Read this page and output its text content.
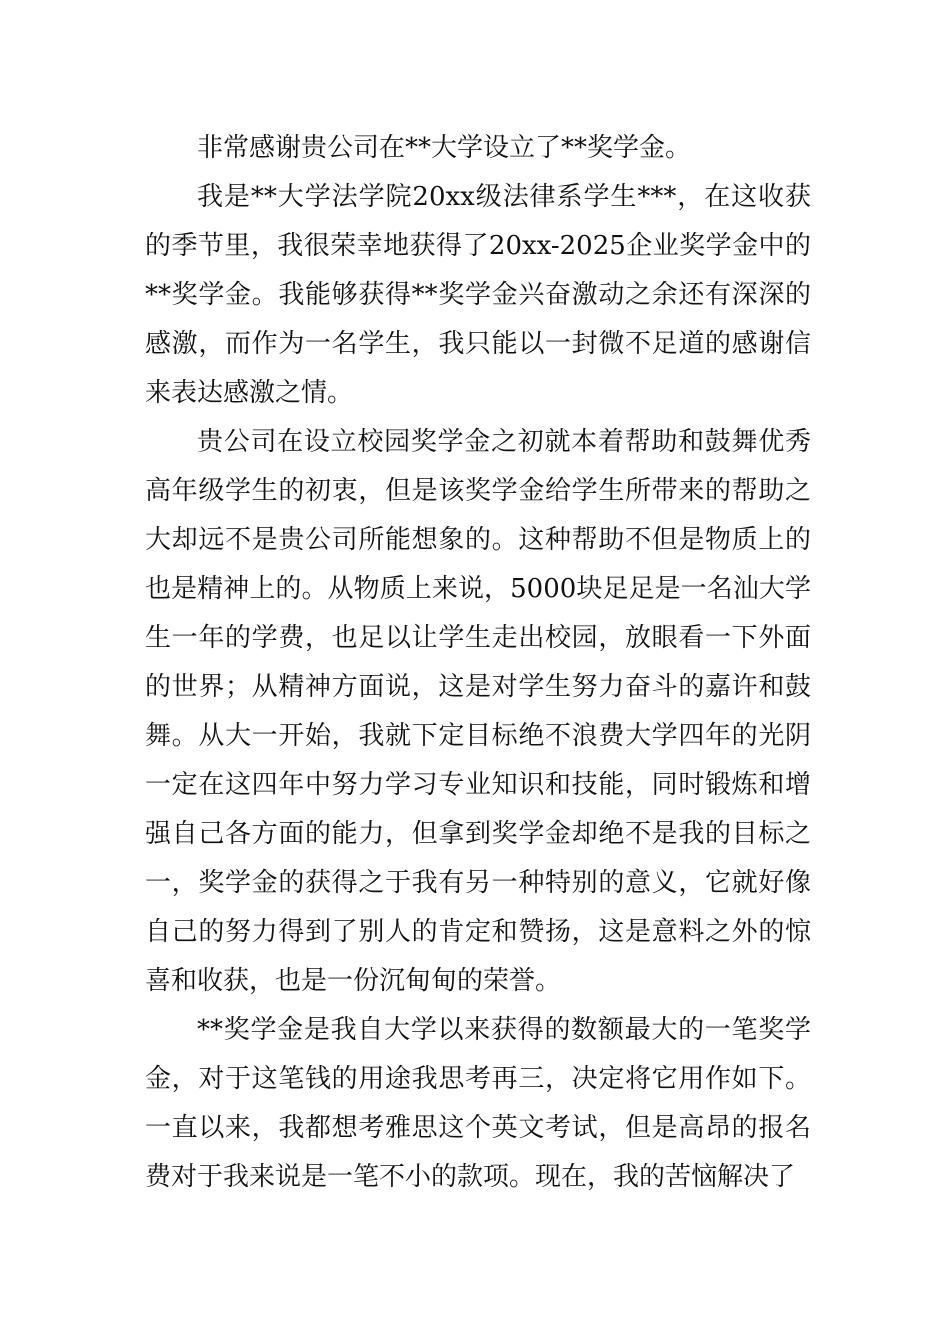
非常感谢贵公司在**大学设立了**奖学金。

我是**大学法学院20xx级法律系学生***，在这收获的季节里，我很荣幸地获得了20xx-2025企业奖学金中的**奖学金。我能够获得**奖学金兴奋激动之余还有深深的感激，而作为一名学生，我只能以一封微不足道的感谢信来表达感激之情。

贵公司在设立校园奖学金之初就本着帮助和鼓舞优秀高年级学生的初衷，但是该奖学金给学生所带来的帮助之大却远不是贵公司所能想象的。这种帮助不但是物质上的也是精神上的。从物质上来说，5000块足足是一名汕大学生一年的学费，也足以让学生走出校园，放眼看一下外面的世界；从精神方面说，这是对学生努力奋斗的嘉许和鼓舞。从大一开始，我就下定目标绝不浪费大学四年的光阴一定在这四年中努力学习专业知识和技能，同时锻炼和增强自己各方面的能力，但拿到奖学金却绝不是我的目标之一，奖学金的获得之于我有另一种特别的意义，它就好像自己的努力得到了别人的肯定和赞扬，这是意料之外的惊喜和收获，也是一份沉甸甸的荣誉。

**奖学金是我自大学以来获得的数额最大的一笔奖学金，对于这笔钱的用途我思考再三，决定将它用作如下。一直以来，我都想考雅思这个英文考试，但是高昂的报名费对于我来说是一笔不小的款项。现在，我的苦恼解决了
